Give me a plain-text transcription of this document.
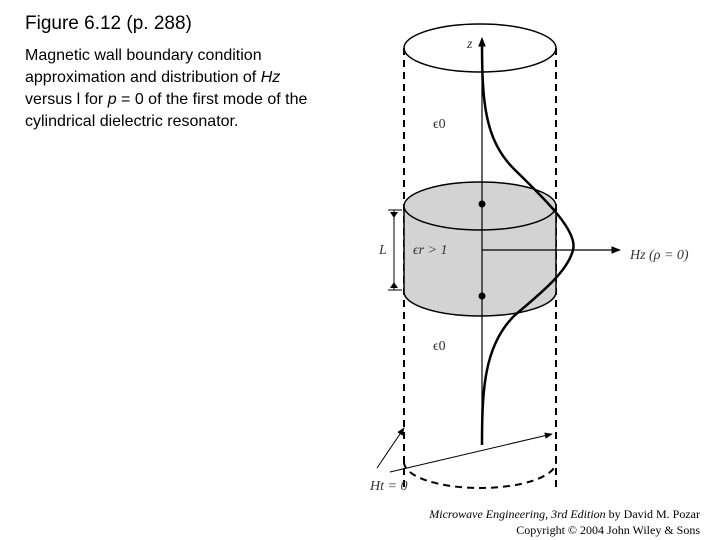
Figure 6.12 (p. 288)
Magnetic wall boundary condition approximation and distribution of Hz versus l for p = 0 of the first mode of the cylindrical dielectric resonator.
z
ϵ0
L ϵr > 1
ϵ0
Hz (ρ = 0)
Ht = 0
Microwave Engineering, 3rd Edition by David M. Pozar
Copyright © 2004 John Wiley & Sons
